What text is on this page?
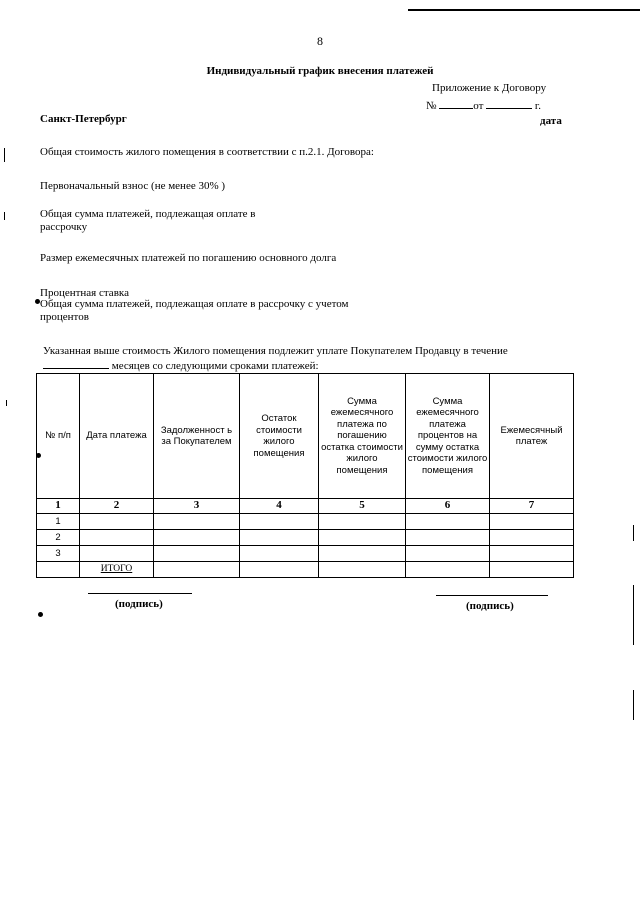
8
Индивидуальный график внесения платежей
Приложение к Договору
№	от	г.
Санкт-Петербург	дата
Общая стоимость жилого помещения в соответствии с п.2.1. Договора:
Первоначальный взнос (не менее 30% )
Общая сумма платежей, подлежащая оплате в
рассрочку
Размер ежемесячных платежей по погашению основного долга
Процентная ставка
Общая сумма платежей, подлежащая оплате в рассрочку с учетом
процентов
Указанная выше стоимость Жилого помещения подлежит уплате Покупателем Продавцу в течение
месяцев со следующими сроками платежей:
№ п/п	Дата платежа	Задолженност ь за Покупателем	Остаток стоимости жилого помещения	Сумма ежемесячного платежа по погашению остатка стоимости жилого помещения	Сумма ежемесячного платежа процентов на сумму остатка стоимости жилого помещения	Ежемесячный платеж
1	2	3	4	5	6	7
1						
2						
3						
	ИТОГО					
(подпись)	(подпись)
